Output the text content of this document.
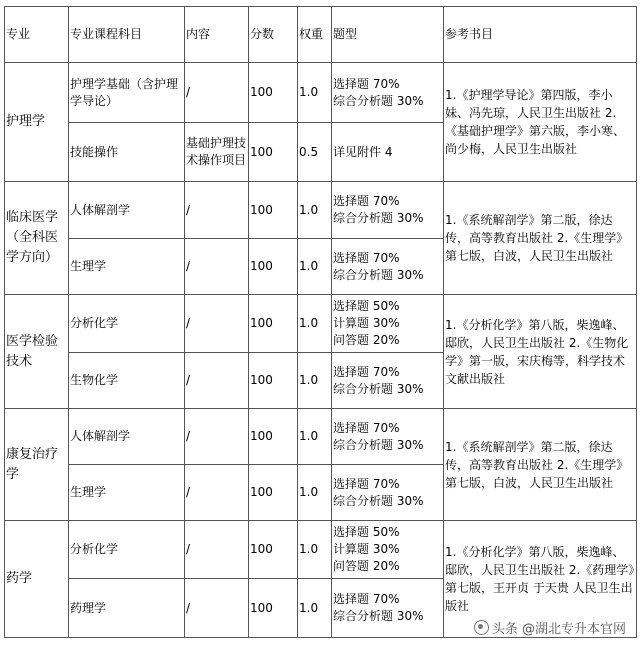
专业	专业课程科目	内容	分数	权重	题型	参考书目
护理学	护理学基础（含护理学导论）	/	100	1.0	选择题 70%
综合分析题 30%	1.《护理学导论》第四版，李小妹、冯先琼，人民卫生出版社 2.《基础护理学》第六版，李小寒、尚少梅，人民卫生出版社
	技能操作	基础护理技术操作项目	100	0.5	详见附件 4	

临床医学（全科医学方向）	人体解剖学	/	100	1.0	选择题 70%
综合分析题 30%	1.《系统解剖学》第二版，徐达传，高等教育出版社 2.《生理学》第七版，白波，人民卫生出版社
	生理学	/	100	1.0	选择题 70%
综合分析题 30%	

医学检验技术	分析化学	/	100	1.0	选择题 50%
计算题 30%
问答题 20%	1.《分析化学》第八版，柴逸峰、邸欣，人民卫生出版社 2.《生物化学》第一版，宋庆梅等，科学技术文献出版社
	生物化学	/	100	1.0	选择题 70%
综合分析题 30%	

康复治疗学	人体解剖学	/	100	1.0	选择题 70%
综合分析题 30%	1.《系统解剖学》第二版，徐达传，高等教育出版社 2.《生理学》第七版，白波，人民卫生出版社
	生理学	/	100	1.0	选择题 70%
综合分析题 30%	

药学	分析化学	/	100	1.0	选择题 50%
计算题 30%
问答题 20%	1.《分析化学》第八版，柴逸峰、邸欣，人民卫生出版社 2.《药理学》第七版，王开贞 于天贵 人民卫生出版社
	药理学	/	100	1.0	选择题 70%
综合分析题 30%	
头条 @湖北专升本官网
